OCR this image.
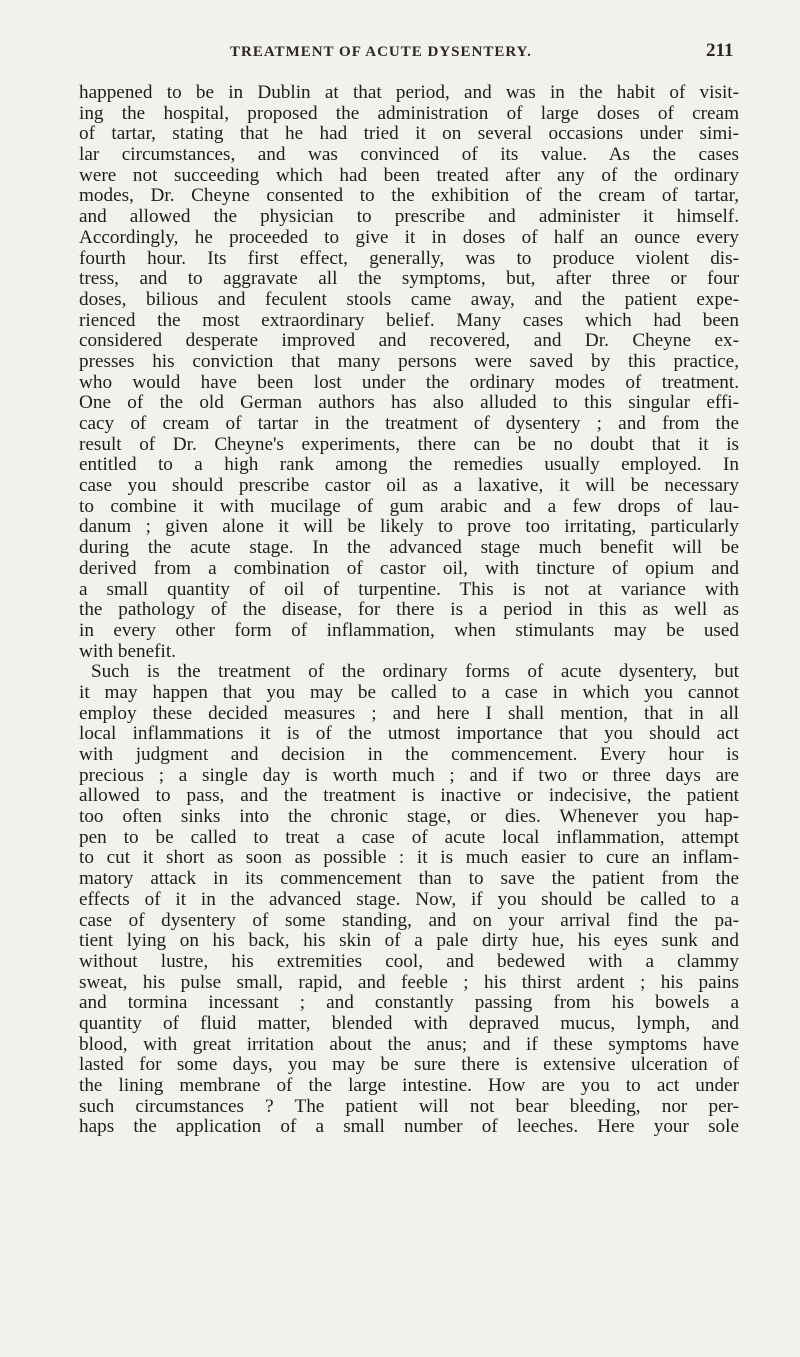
TREATMENT OF ACUTE DYSENTERY.	211
happened to be in Dublin at that period, and was in the habit of visit-
ing the hospital, proposed the administration of large doses of cream
of tartar, stating that he had tried it on several occasions under simi-
lar circumstances, and was convinced of its value. As the cases
were not succeeding which had been treated after any of the ordinary
modes, Dr. Cheyne consented to the exhibition of the cream of tartar,
and allowed the physician to prescribe and administer it himself.
Accordingly, he proceeded to give it in doses of half an ounce every
fourth hour. Its first effect, generally, was to produce violent dis-
tress, and to aggravate all the symptoms, but, after three or four
doses, bilious and feculent stools came away, and the patient expe-
rienced the most extraordinary belief. Many cases which had been
considered desperate improved and recovered, and Dr. Cheyne ex-
presses his conviction that many persons were saved by this practice,
who would have been lost under the ordinary modes of treatment.
One of the old German authors has also alluded to this singular effi-
cacy of cream of tartar in the treatment of dysentery ; and from the
result of Dr. Cheyne's experiments, there can be no doubt that it is
entitled to a high rank among the remedies usually employed. In
case you should prescribe castor oil as a laxative, it will be necessary
to combine it with mucilage of gum arabic and a few drops of lau-
danum ; given alone it will be likely to prove too irritating, particularly
during the acute stage. In the advanced stage much benefit will be
derived from a combination of castor oil, with tincture of opium and
a small quantity of oil of turpentine. This is not at variance with
the pathology of the disease, for there is a period in this as well as
in every other form of inflammation, when stimulants may be used
with benefit.
Such is the treatment of the ordinary forms of acute dysentery, but
it may happen that you may be called to a case in which you cannot
employ these decided measures ; and here I shall mention, that in all
local inflammations it is of the utmost importance that you should act
with judgment and decision in the commencement. Every hour is
precious ; a single day is worth much ; and if two or three days are
allowed to pass, and the treatment is inactive or indecisive, the patient
too often sinks into the chronic stage, or dies. Whenever you hap-
pen to be called to treat a case of acute local inflammation, attempt
to cut it short as soon as possible : it is much easier to cure an inflam-
matory attack in its commencement than to save the patient from the
effects of it in the advanced stage. Now, if you should be called to a
case of dysentery of some standing, and on your arrival find the pa-
tient lying on his back, his skin of a pale dirty hue, his eyes sunk and
without lustre, his extremities cool, and bedewed with a clammy
sweat, his pulse small, rapid, and feeble ; his thirst ardent ; his pains
and tormina incessant ; and constantly passing from his bowels a
quantity of fluid matter, blended with depraved mucus, lymph, and
blood, with great irritation about the anus; and if these symptoms have
lasted for some days, you may be sure there is extensive ulceration of
the lining membrane of the large intestine. How are you to act under
such circumstances ? The patient will not bear bleeding, nor per-
haps the application of a small number of leeches. Here your sole
